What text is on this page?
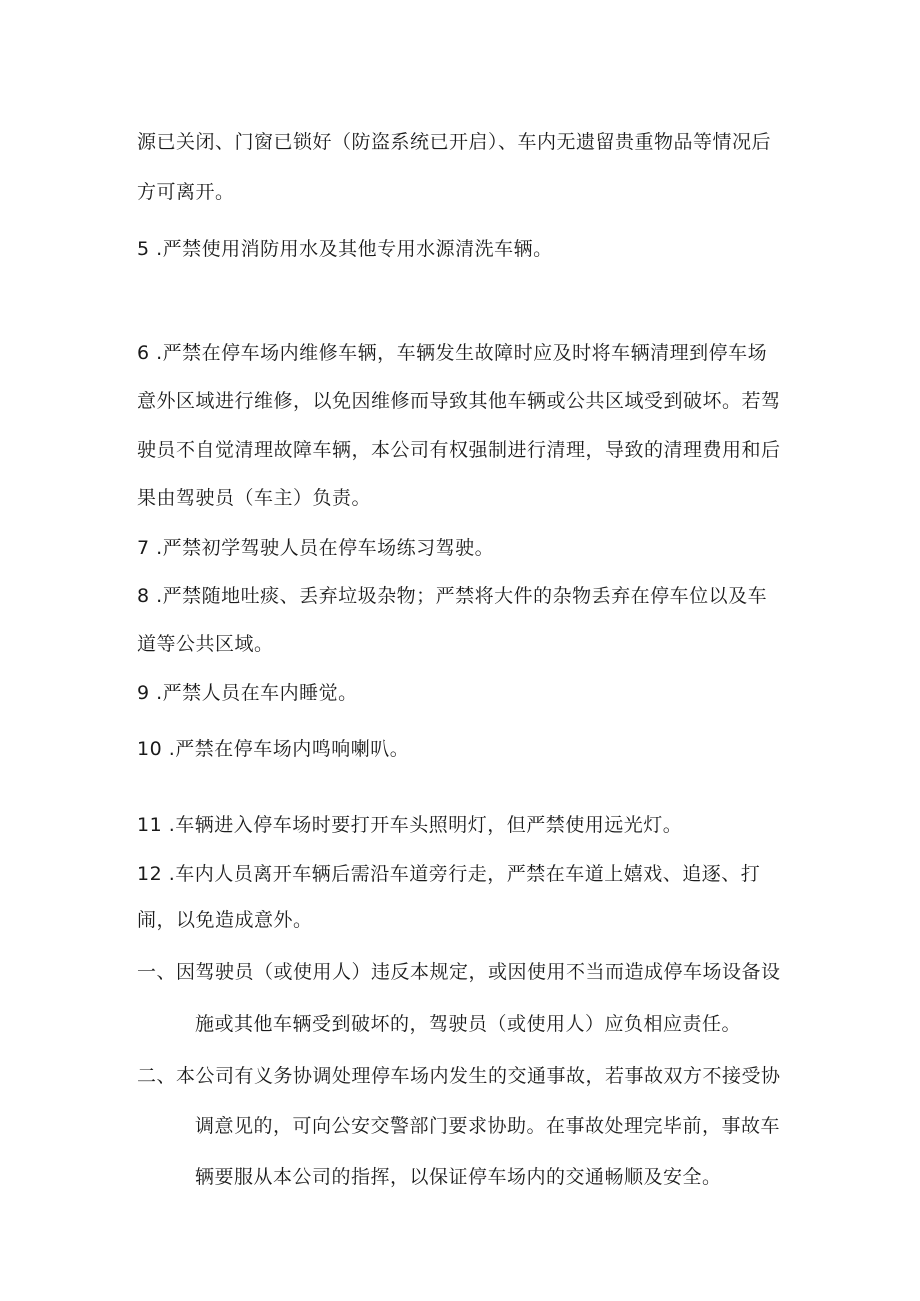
源已关闭、门窗已锁好（防盗系统已开启）、车内无遗留贵重物品等情况后
方可离开。
5 .严禁使用消防用水及其他专用水源清洗车辆。
6 .严禁在停车场内维修车辆，车辆发生故障时应及时将车辆清理到停车场
意外区域进行维修，以免因维修而导致其他车辆或公共区域受到破坏。若驾
驶员不自觉清理故障车辆，本公司有权强制进行清理，导致的清理费用和后
果由驾驶员（车主）负责。
7 .严禁初学驾驶人员在停车场练习驾驶。
8 .严禁随地吐痰、丢弃垃圾杂物；严禁将大件的杂物丢弃在停车位以及车
道等公共区域。
9 .严禁人员在车内睡觉。
10 .严禁在停车场内鸣响喇叭。
11 .车辆进入停车场时要打开车头照明灯，但严禁使用远光灯。
12 .车内人员离开车辆后需沿车道旁行走，严禁在车道上嬉戏、追逐、打
闹，以免造成意外。
一、因驾驶员（或使用人）违反本规定，或因使用不当而造成停车场设备设
施或其他车辆受到破坏的，驾驶员（或使用人）应负相应责任。
二、本公司有义务协调处理停车场内发生的交通事故，若事故双方不接受协
调意见的，可向公安交警部门要求协助。在事故处理完毕前，事故车
辆要服从本公司的指挥，以保证停车场内的交通畅顺及安全。
